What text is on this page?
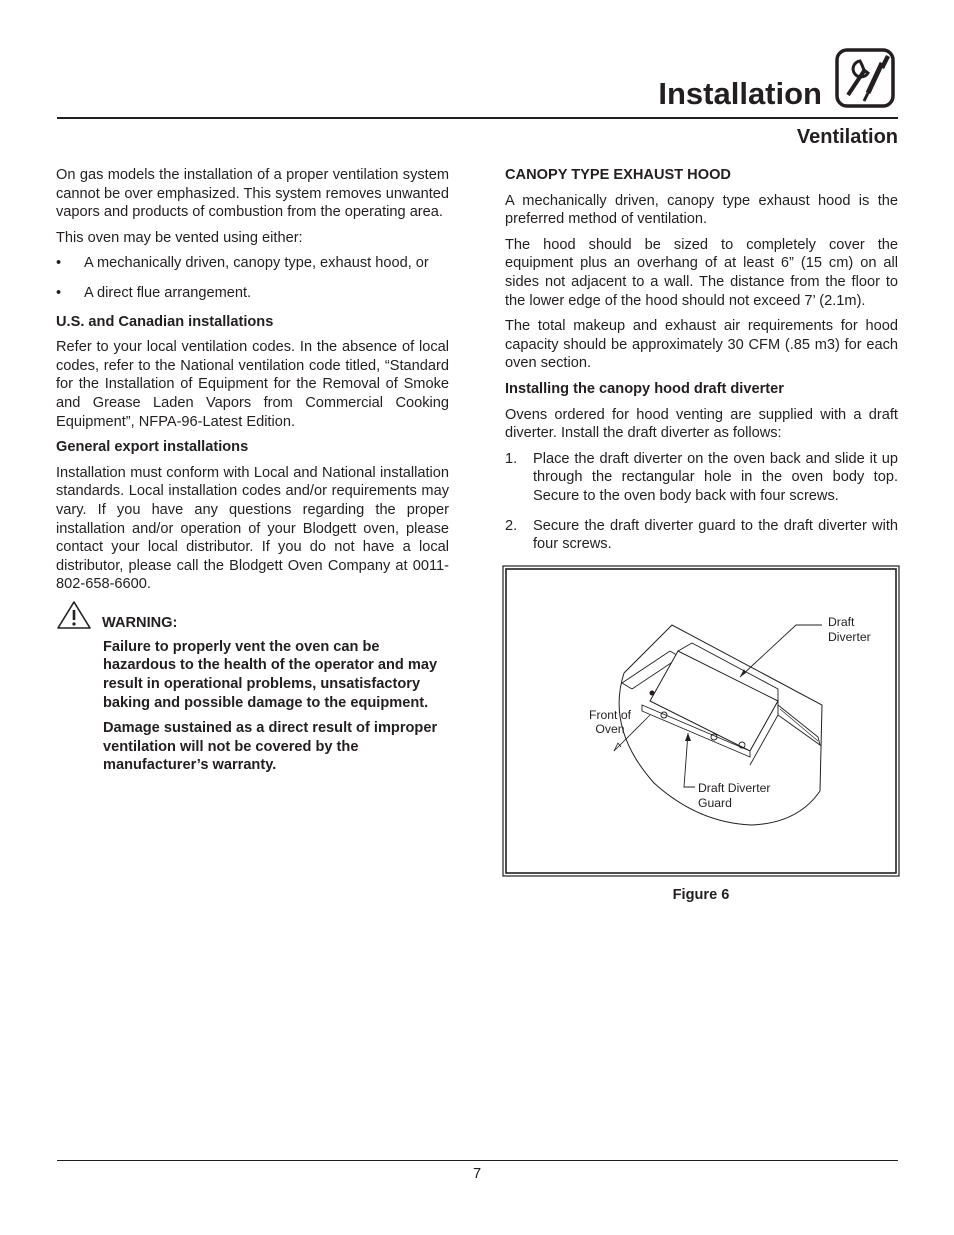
Installation
Ventilation

On gas models the installation of a proper ventilation system cannot be over emphasized. This system removes unwanted vapors and products of combustion from the operating area.

This oven may be vented using either:

• A mechanically driven, canopy type, exhaust hood, or
• A direct flue arrangement.

U.S. and Canadian installations

Refer to your local ventilation codes. In the absence of local codes, refer to the National ventilation code titled, “Standard for the Installation of Equipment for the Removal of Smoke and Grease Laden Vapors from Commercial Cooking Equipment”, NFPA-96-Latest Edition.

General export installations

Installation must conform with Local and National installation standards. Local installation codes and/or requirements may vary. If you have any questions regarding the proper installation and/or operation of your Blodgett oven, please contact your local distributor. If you do not have a local distributor, please call the Blodgett Oven Company at 0011-802-658-6600.

WARNING:

Failure to properly vent the oven can be hazardous to the health of the operator and may result in operational problems, unsatisfactory baking and possible damage to the equipment.

Damage sustained as a direct result of improper ventilation will not be covered by the manufacturer’s warranty.

CANOPY TYPE EXHAUST HOOD

A mechanically driven, canopy type exhaust hood is the preferred method of ventilation.

The hood should be sized to completely cover the equipment plus an overhang of at least 6” (15 cm) on all sides not adjacent to a wall. The distance from the floor to the lower edge of the hood should not exceed 7’ (2.1m).

The total makeup and exhaust air requirements for hood capacity should be approximately 30 CFM (.85 m3) for each oven section.

Installing the canopy hood draft diverter

Ovens ordered for hood venting are supplied with a draft diverter. Install the draft diverter as follows:

1. Place the draft diverter on the oven back and slide it up through the rectangular hole in the oven body top. Secure to the oven body back with four screws.
2. Secure the draft diverter guard to the draft diverter with four screws.
Draft
Diverter
Front of
Oven
Draft Diverter
Guard
Figure 6
7
